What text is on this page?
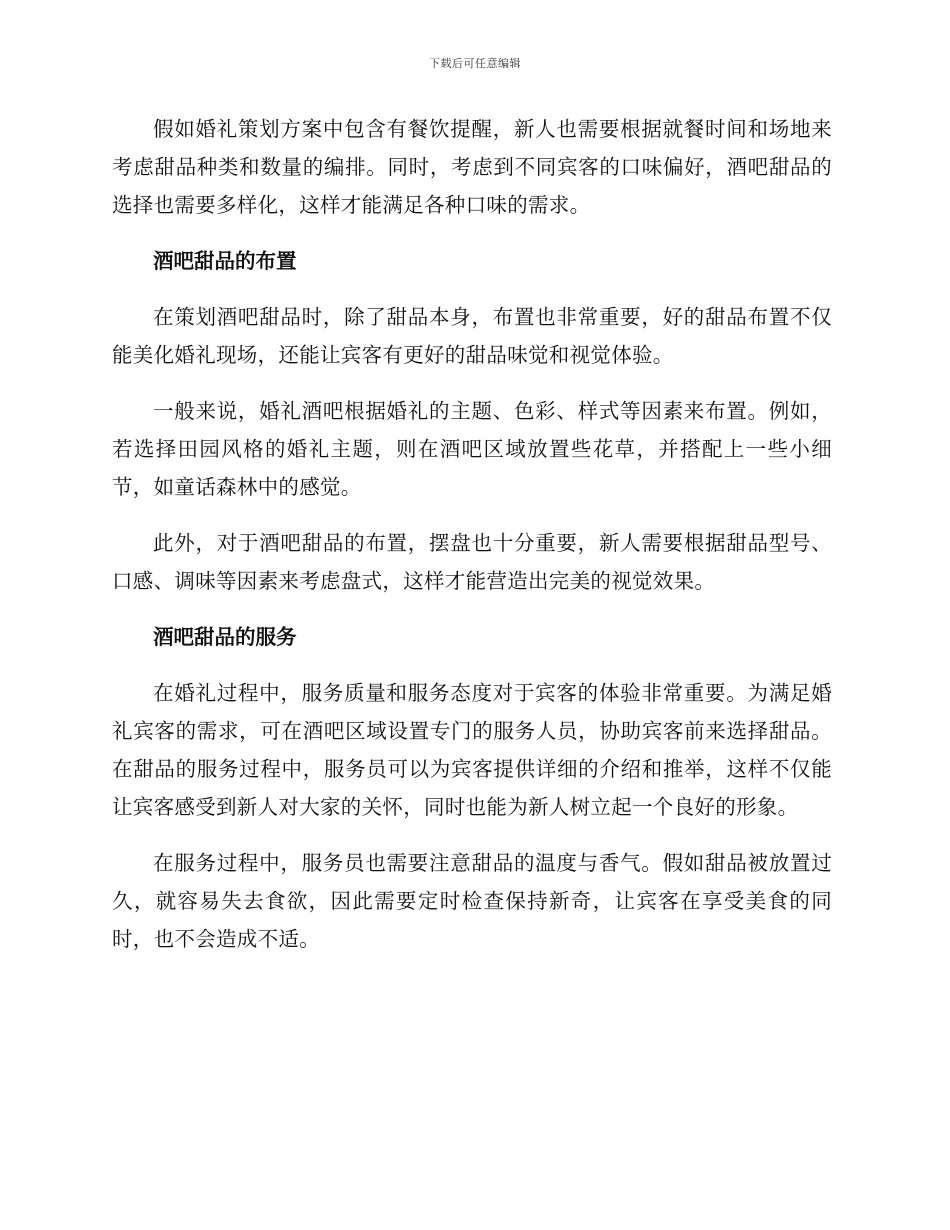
下载后可任意编辑

假如婚礼策划方案中包含有餐饮提醒，新人也需要根据就餐时间和场地来考虑甜品种类和数量的编排。同时，考虑到不同宾客的口味偏好，酒吧甜品的选择也需要多样化，这样才能满足各种口味的需求。

酒吧甜品的布置

在策划酒吧甜品时，除了甜品本身，布置也非常重要，好的甜品布置不仅能美化婚礼现场，还能让宾客有更好的甜品味觉和视觉体验。

一般来说，婚礼酒吧根据婚礼的主题、色彩、样式等因素来布置。例如，若选择田园风格的婚礼主题，则在酒吧区域放置些花草，并搭配上一些小细节，如童话森林中的感觉。

此外，对于酒吧甜品的布置，摆盘也十分重要，新人需要根据甜品型号、口感、调味等因素来考虑盘式，这样才能营造出完美的视觉效果。

酒吧甜品的服务

在婚礼过程中，服务质量和服务态度对于宾客的体验非常重要。为满足婚礼宾客的需求，可在酒吧区域设置专门的服务人员，协助宾客前来选择甜品。在甜品的服务过程中，服务员可以为宾客提供详细的介绍和推举，这样不仅能让宾客感受到新人对大家的关怀，同时也能为新人树立起一个良好的形象。

在服务过程中，服务员也需要注意甜品的温度与香气。假如甜品被放置过久，就容易失去食欲，因此需要定时检查保持新奇，让宾客在享受美食的同时，也不会造成不适。
